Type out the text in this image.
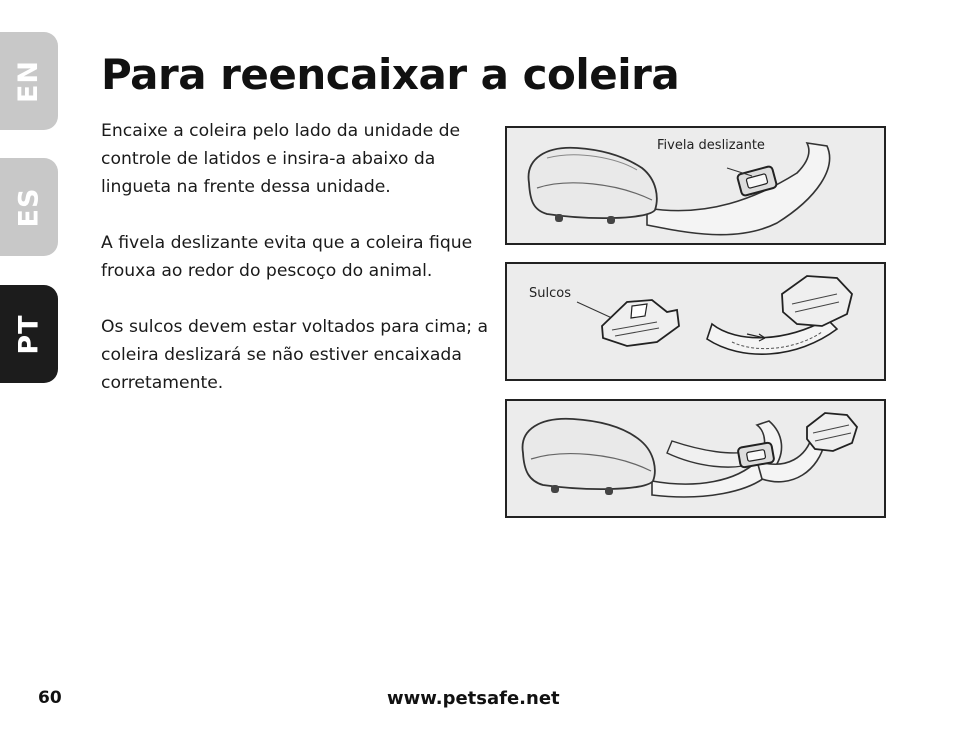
EN
ES
PT
Para reencaixar a coleira

Encaixe a coleira pelo lado da unidade de controle de latidos e insira-a abaixo da lingueta na frente dessa unidade.

A fivela deslizante evita que a coleira fique frouxa ao redor do pescoço do animal.

Os sulcos devem estar voltados para cima; a coleira deslizará se não estiver encaixada corretamente.

Fivela deslizante
Sulcos
60	www.petsafe.net
